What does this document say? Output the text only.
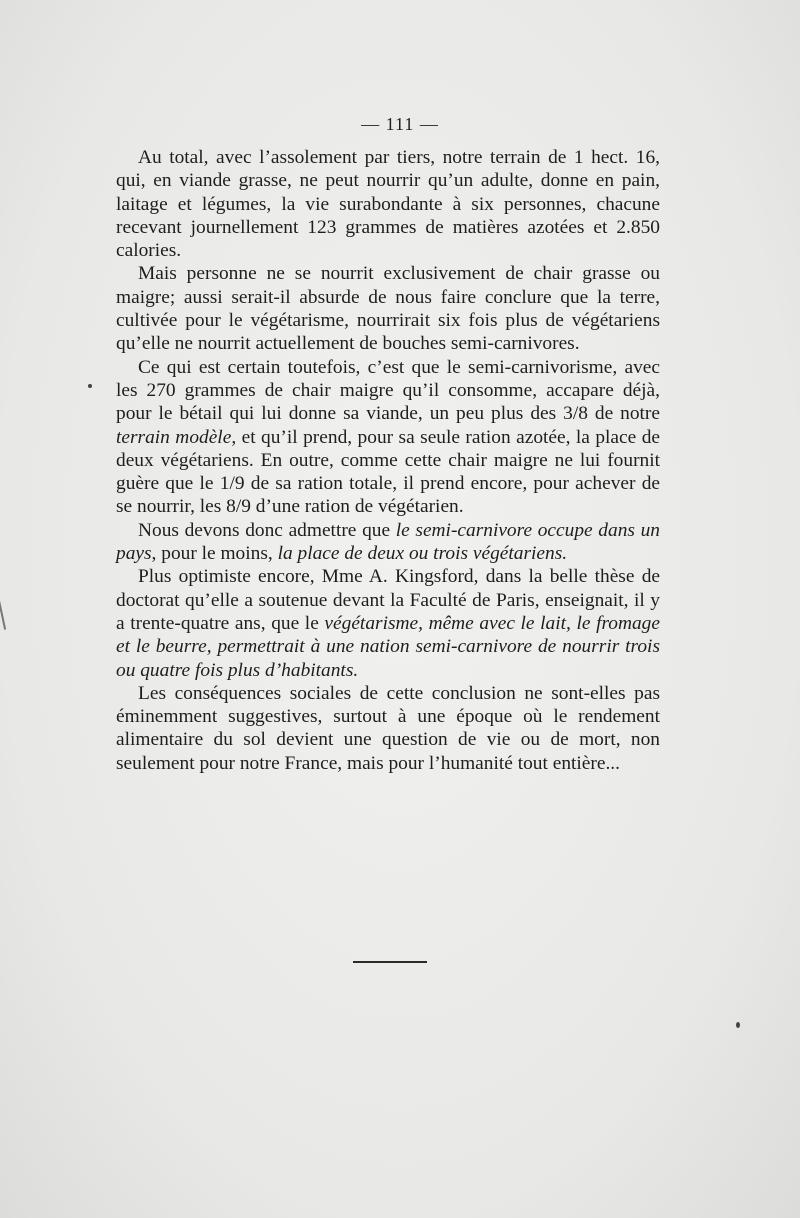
— 111 —

Au total, avec l’assolement par tiers, notre terrain de 1 hect. 16, qui, en viande grasse, ne peut nourrir qu’un adulte, donne en pain, laitage et légumes, la vie surabondante à six personnes, chacune recevant journellement 123 grammes de matières azotées et 2.850 calories.

Mais personne ne se nourrit exclusivement de chair grasse ou maigre; aussi serait-il absurde de nous faire conclure que la terre, cultivée pour le végétarisme, nourrirait six fois plus de végétariens qu’elle ne nourrit actuellement de bouches semi-carnivores.

Ce qui est certain toutefois, c’est que le semi-carnivorisme, avec les 270 grammes de chair maigre qu’il consomme, accapare déjà, pour le bétail qui lui donne sa viande, un peu plus des 3/8 de notre terrain modèle, et qu’il prend, pour sa seule ration azotée, la place de deux végétariens. En outre, comme cette chair maigre ne lui fournit guère que le 1/9 de sa ration totale, il prend encore, pour achever de se nourrir, les 8/9 d’une ration de végétarien.

Nous devons donc admettre que le semi-carnivore occupe dans un pays, pour le moins, la place de deux ou trois végétariens.

Plus optimiste encore, Mme A. Kingsford, dans la belle thèse de doctorat qu’elle a soutenue devant la Faculté de Paris, enseignait, il y a trente-quatre ans, que le végétarisme, même avec le lait, le fromage et le beurre, permettrait à une nation semi-carnivore de nourrir trois ou quatre fois plus d’habitants.

Les conséquences sociales de cette conclusion ne sont-elles pas éminemment suggestives, surtout à une époque où le rendement alimentaire du sol devient une question de vie ou de mort, non seulement pour notre France, mais pour l’humanité tout entière...
